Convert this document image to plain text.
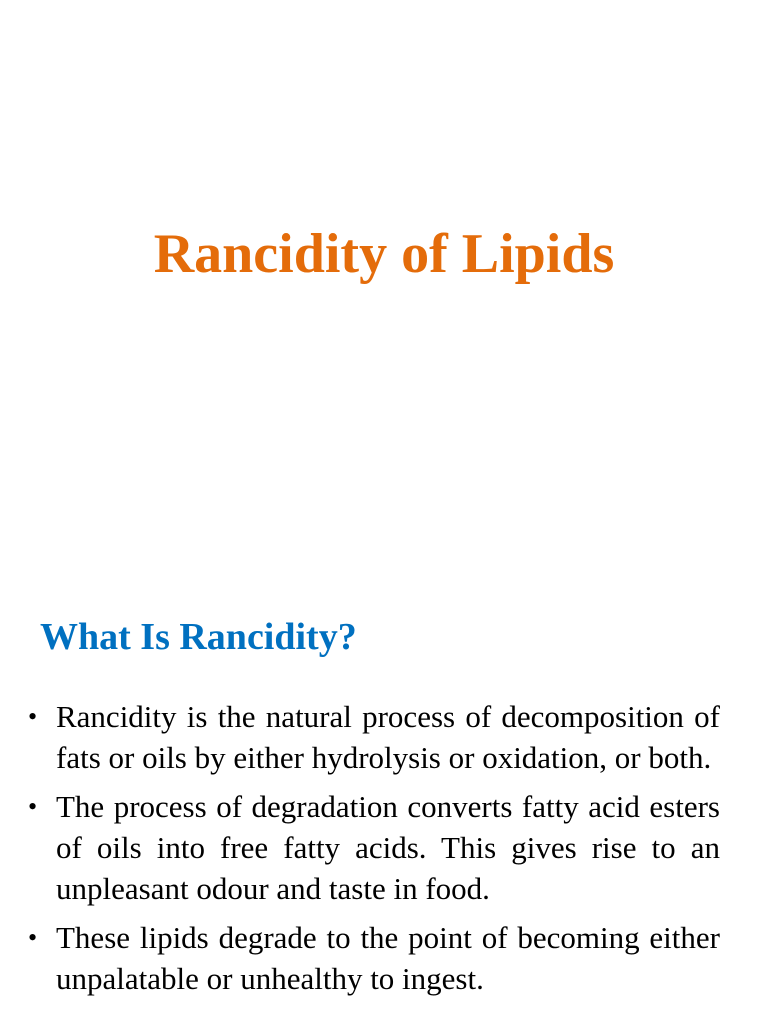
Rancidity of Lipids
What Is Rancidity?
• Rancidity is the natural process of decomposition of fats or oils by either hydrolysis or oxidation, or both.
• The process of degradation converts fatty acid esters of oils into free fatty acids. This gives rise to an unpleasant odour and taste in food.
• These lipids degrade to the point of becoming either unpalatable or unhealthy to ingest.
